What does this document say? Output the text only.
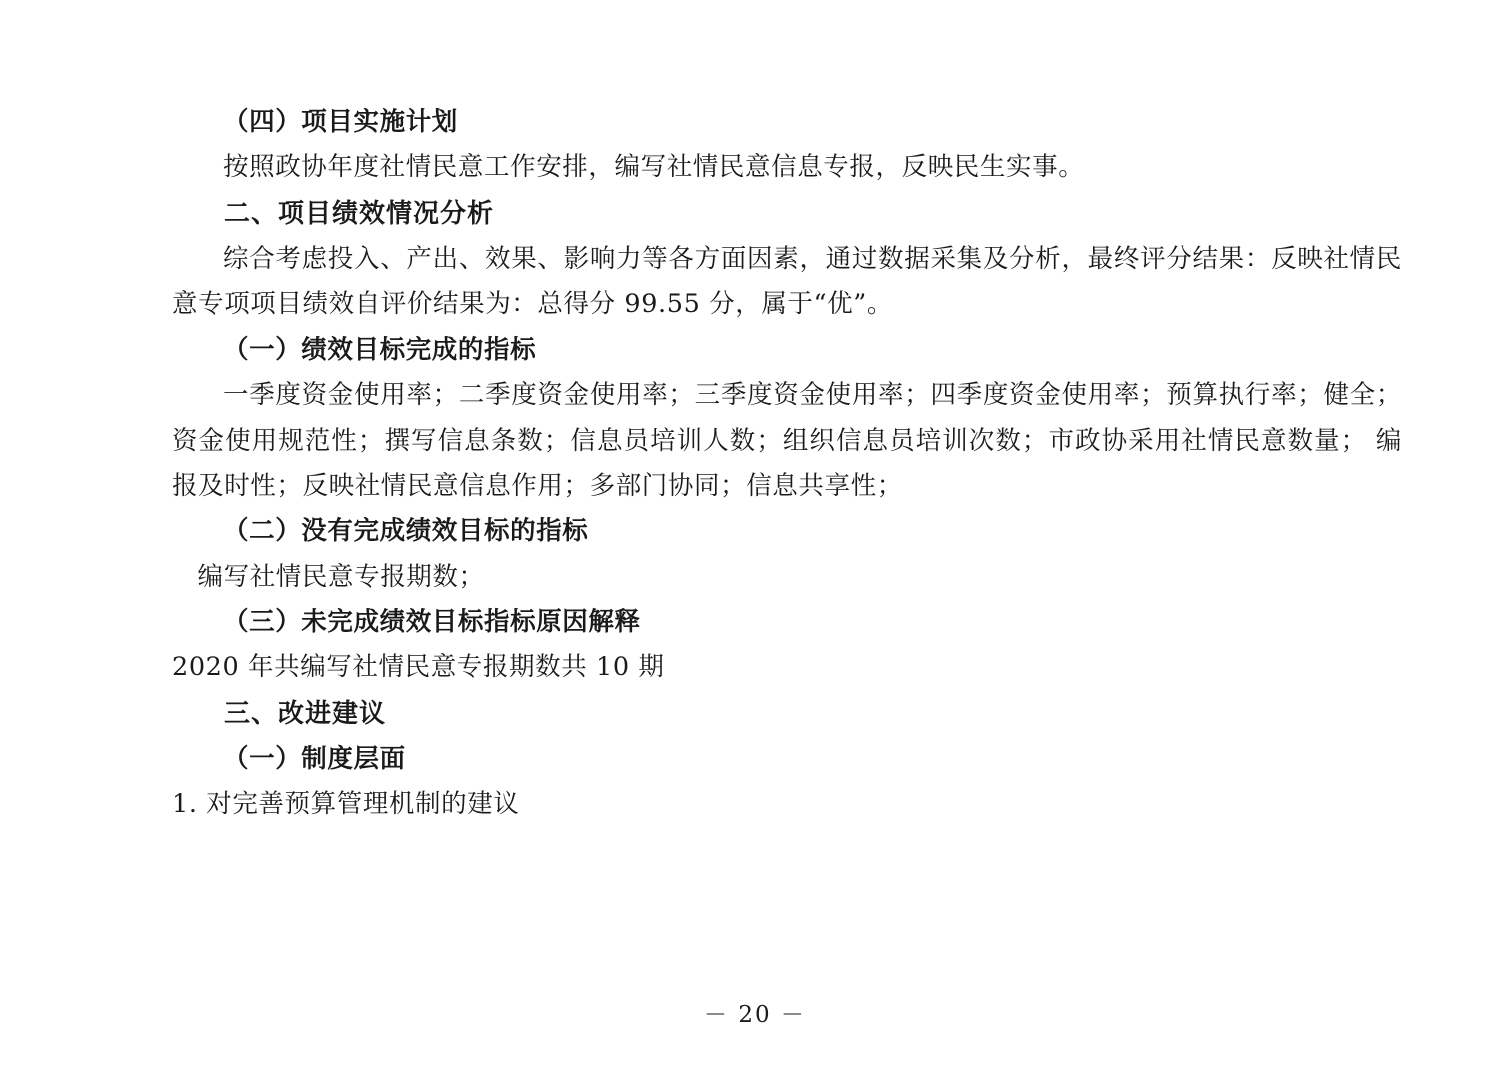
（四）项目实施计划

按照政协年度社情民意工作安排，编写社情民意信息专报，反映民生实事。

二、项目绩效情况分析

综合考虑投入、产出、效果、影响力等各方面因素，通过数据采集及分析，最终评分结果：反映社情民意专项项目绩效自评价结果为：总得分 99.55 分，属于“优”。

（一）绩效目标完成的指标

一季度资金使用率；二季度资金使用率；三季度资金使用率；四季度资金使用率；预算执行率；健全； 资金使用规范性；撰写信息条数；信息员培训人数；组织信息员培训次数；市政协采用社情民意数量； 编报及时性；反映社情民意信息作用；多部门协同；信息共享性；

（二）没有完成绩效目标的指标

编写社情民意专报期数；

（三）未完成绩效目标指标原因解释

2020 年共编写社情民意专报期数共 10 期

三、改进建议

（一）制度层面

1. 对完善预算管理机制的建议

－ 20 －
